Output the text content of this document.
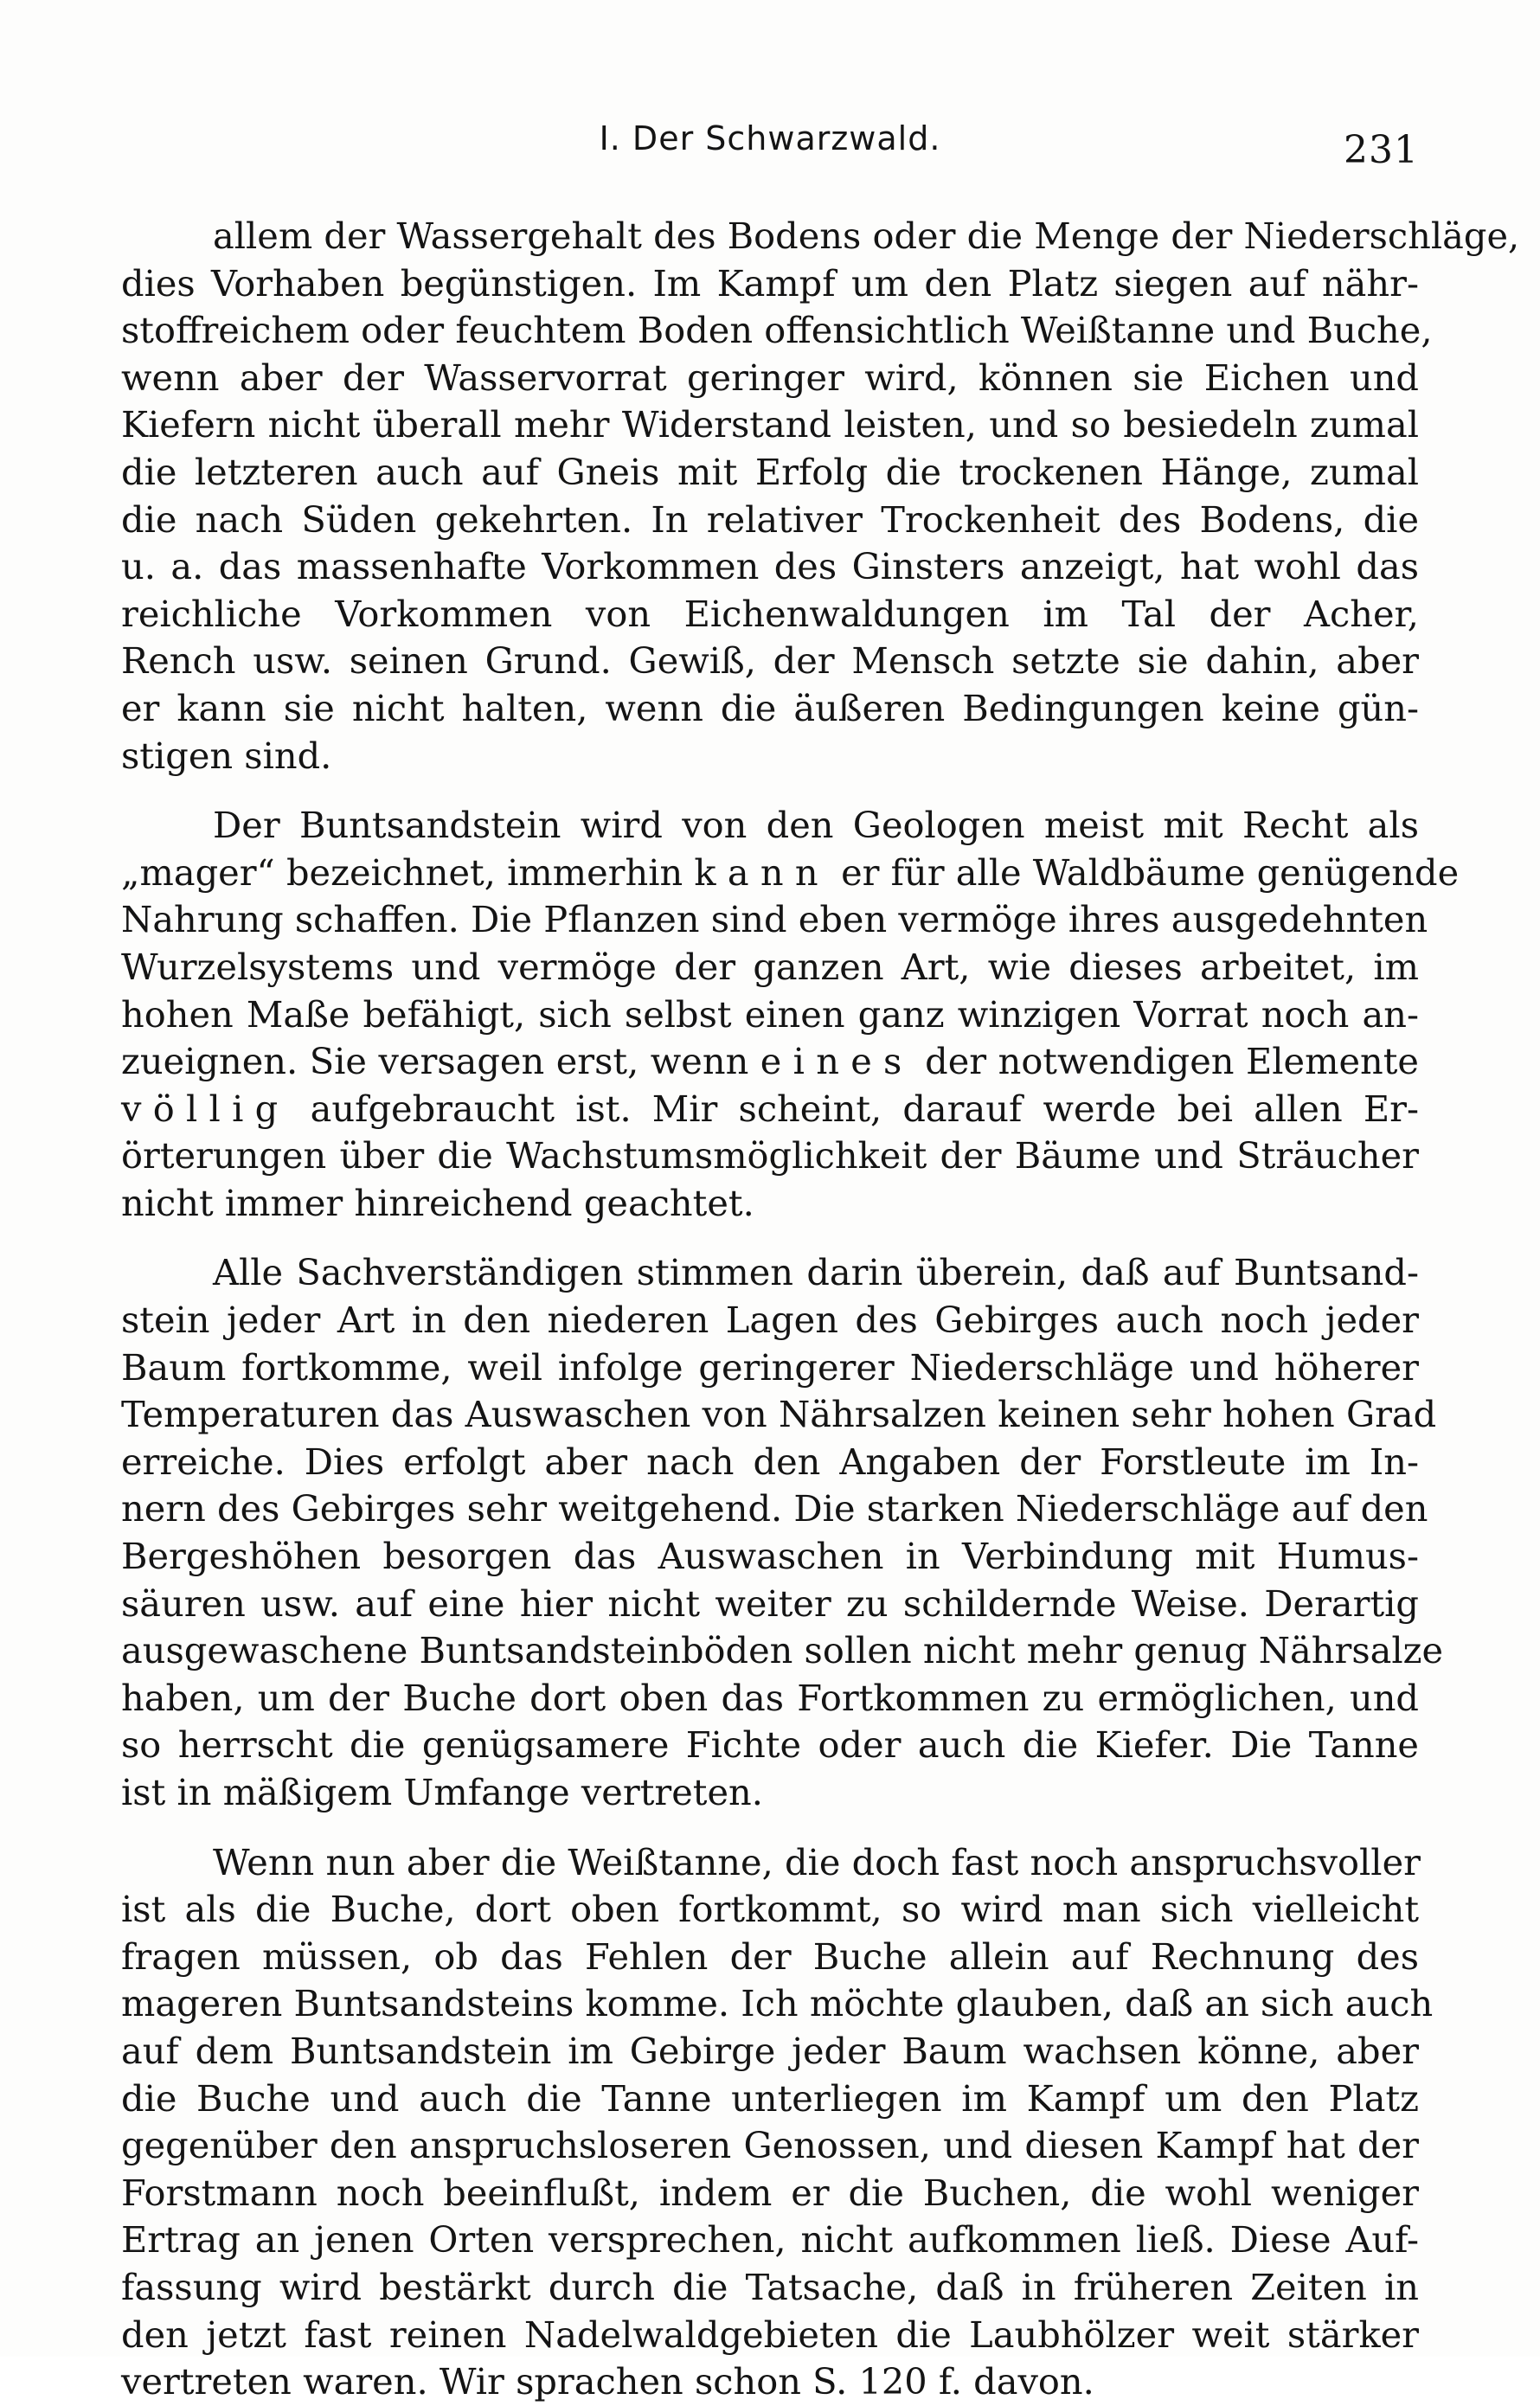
I. Der Schwarzwald.	231
allem der Wassergehalt des Bodens oder die Menge der Niederschläge,
dies Vorhaben begünstigen. Im Kampf um den Platz siegen auf nähr-
stoffreichem oder feuchtem Boden offensichtlich Weißtanne und Buche,
wenn aber der Wasservorrat geringer wird, können sie Eichen und
Kiefern nicht überall mehr Widerstand leisten, und so besiedeln zumal
die letzteren auch auf Gneis mit Erfolg die trockenen Hänge, zumal
die nach Süden gekehrten. In relativer Trockenheit des Bodens, die
u. a. das massenhafte Vorkommen des Ginsters anzeigt, hat wohl das
reichliche Vorkommen von Eichenwaldungen im Tal der Acher,
Rench usw. seinen Grund. Gewiß, der Mensch setzte sie dahin, aber
er kann sie nicht halten, wenn die äußeren Bedingungen keine gün-
stigen sind.
Der Buntsandstein wird von den Geologen meist mit Recht als
„mager“ bezeichnet, immerhin kann er für alle Waldbäume genügende
Nahrung schaffen. Die Pflanzen sind eben vermöge ihres ausgedehnten
Wurzelsystems und vermöge der ganzen Art, wie dieses arbeitet, im
hohen Maße befähigt, sich selbst einen ganz winzigen Vorrat noch an-
zueignen. Sie versagen erst, wenn eines der notwendigen Elemente
völlig aufgebraucht ist. Mir scheint, darauf werde bei allen Er-
örterungen über die Wachstumsmöglichkeit der Bäume und Sträucher
nicht immer hinreichend geachtet.
Alle Sachverständigen stimmen darin überein, daß auf Buntsand-
stein jeder Art in den niederen Lagen des Gebirges auch noch jeder
Baum fortkomme, weil infolge geringerer Niederschläge und höherer
Temperaturen das Auswaschen von Nährsalzen keinen sehr hohen Grad
erreiche. Dies erfolgt aber nach den Angaben der Forstleute im In-
nern des Gebirges sehr weitgehend. Die starken Niederschläge auf den
Bergeshöhen besorgen das Auswaschen in Verbindung mit Humus-
säuren usw. auf eine hier nicht weiter zu schildernde Weise. Derartig
ausgewaschene Buntsandsteinböden sollen nicht mehr genug Nährsalze
haben, um der Buche dort oben das Fortkommen zu ermöglichen, und
so herrscht die genügsamere Fichte oder auch die Kiefer. Die Tanne
ist in mäßigem Umfange vertreten.
Wenn nun aber die Weißtanne, die doch fast noch anspruchsvoller
ist als die Buche, dort oben fortkommt, so wird man sich vielleicht
fragen müssen, ob das Fehlen der Buche allein auf Rechnung des
mageren Buntsandsteins komme. Ich möchte glauben, daß an sich auch
auf dem Buntsandstein im Gebirge jeder Baum wachsen könne, aber
die Buche und auch die Tanne unterliegen im Kampf um den Platz
gegenüber den anspruchsloseren Genossen, und diesen Kampf hat der
Forstmann noch beeinflußt, indem er die Buchen, die wohl weniger
Ertrag an jenen Orten versprechen, nicht aufkommen ließ. Diese Auf-
fassung wird bestärkt durch die Tatsache, daß in früheren Zeiten in
den jetzt fast reinen Nadelwaldgebieten die Laubhölzer weit stärker
vertreten waren. Wir sprachen schon S. 120 f. davon.
